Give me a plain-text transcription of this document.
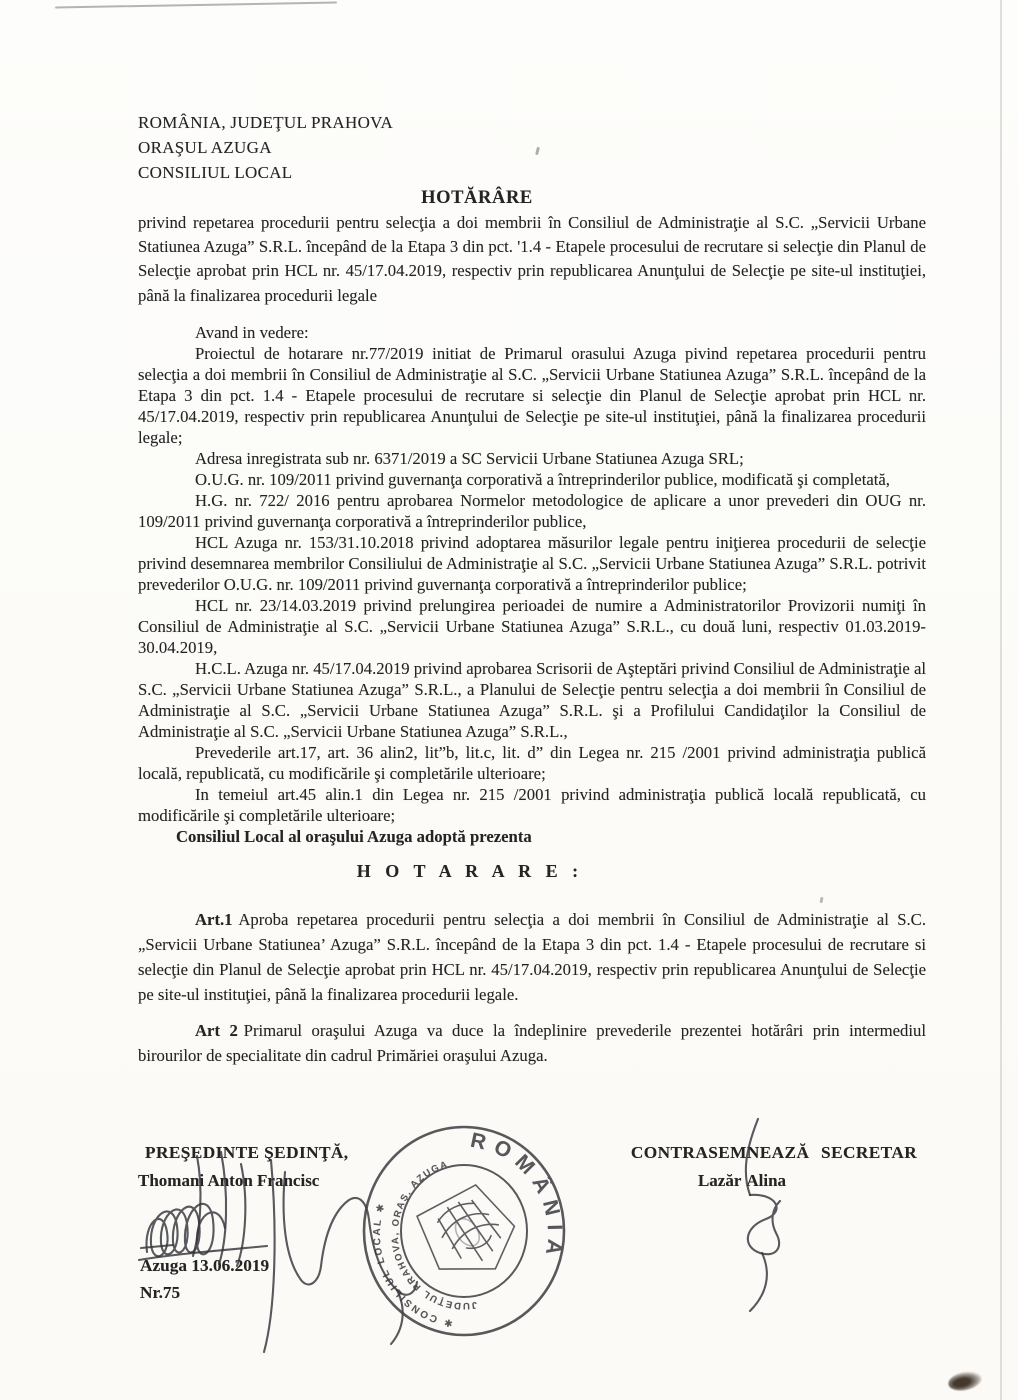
ROMÂNIA, JUDEŢUL PRAHOVA

ORAŞUL AZUGA

CONSILIUL LOCAL

HOTĂRÂRE

privind repetarea procedurii pentru selecţia a doi membrii în Consiliul de Administraţie al S.C. „Servicii Urbane Statiunea Azuga” S.R.L. începând de la Etapa 3 din pct. '1.4 - Etapele procesului de recrutare si selecţie din Planul de Selecţie aprobat prin HCL nr. 45/17.04.2019, respectiv prin republicarea Anunţului de Selecţie pe site-ul instituţiei, până la finalizarea procedurii legale

Avand in vedere:

Proiectul de hotarare nr.77/2019 initiat de Primarul orasului Azuga pivind repetarea procedurii pentru selecţia a doi membrii în Consiliul de Administraţie al S.C. „Servicii Urbane Statiunea Azuga” S.R.L. începând de la Etapa 3 din pct. 1.4 - Etapele procesului de recrutare si selecţie din Planul de Selecţie aprobat prin HCL nr. 45/17.04.2019, respectiv prin republicarea Anunţului de Selecţie pe site-ul instituţiei, până la finalizarea procedurii legale;

Adresa inregistrata sub nr. 6371/2019 a SC Servicii Urbane Statiunea Azuga SRL;

O.U.G. nr. 109/2011 privind guvernanţa corporativă a întreprinderilor publice, modificată şi completată,

H.G. nr. 722/ 2016 pentru aprobarea Normelor metodologice de aplicare a unor prevederi din OUG nr. 109/2011 privind guvernanţa corporativă a întreprinderilor publice,

HCL Azuga nr. 153/31.10.2018 privind adoptarea măsurilor legale pentru iniţierea procedurii de selecţie privind desemnarea membrilor Consiliului de Administraţie al S.C. „Servicii Urbane Statiunea Azuga” S.R.L. potrivit prevederilor O.U.G. nr. 109/2011 privind guvernanţa corporativă a întreprinderilor publice;

HCL nr. 23/14.03.2019 privind prelungirea perioadei de numire a Administratorilor Provizorii numiţi în Consiliul de Administraţie al S.C. „Servicii Urbane Statiunea Azuga” S.R.L., cu două luni, respectiv 01.03.2019-30.04.2019,

H.C.L. Azuga nr. 45/17.04.2019 privind aprobarea Scrisorii de Aşteptări privind Consiliul de Administraţie al S.C. „Servicii Urbane Statiunea Azuga” S.R.L., a Planului de Selecţie pentru selecţia a doi membrii în Consiliul de Administraţie al S.C. „Servicii Urbane Statiunea Azuga” S.R.L. şi a Profilului Candidaţilor la Consiliul de Administraţie al S.C. „Servicii Urbane Statiunea Azuga” S.R.L.,

Prevederile art.17, art. 36 alin2, lit”b, lit.c, lit. d” din Legea nr. 215 /2001 privind administraţia publică locală, republicată, cu modificările şi completările ulterioare;

In temeiul art.45 alin.1 din Legea nr. 215 /2001 privind administraţia publică locală republicată, cu modificările şi completările ulterioare;

Consiliul Local al oraşului Azuga adoptă prezenta

H O T A R A R E :

Art.1 Aproba repetarea procedurii pentru selecţia a doi membrii în Consiliul de Administraţie al S.C. „Servicii Urbane Statiunea’ Azuga” S.R.L. începând de la Etapa 3 din pct. 1.4 - Etapele procesului de recrutare si selecţie din Planul de Selecţie aprobat prin HCL nr. 45/17.04.2019, respectiv prin republicarea Anunţului de Selecţie pe site-ul instituţiei, până la finalizarea procedurii legale.

Art 2 Primarul oraşului Azuga va duce la îndeplinire prevederile prezentei hotărâri prin intermediul birourilor de specialitate din cadrul Primăriei oraşului Azuga.

PREŞEDINTE ŞEDINŢĂ,

Thomani Anton Francisc

CONTRASEMNEAZĂ SECRETAR

Lazăr Alina

Azuga 13.06.2019

Nr.75

ROMÂNIA
✱ CONSILIUL LOCAL ✱
JUDEŢUL PRAHOVA, ORAŞ. AZUGA
